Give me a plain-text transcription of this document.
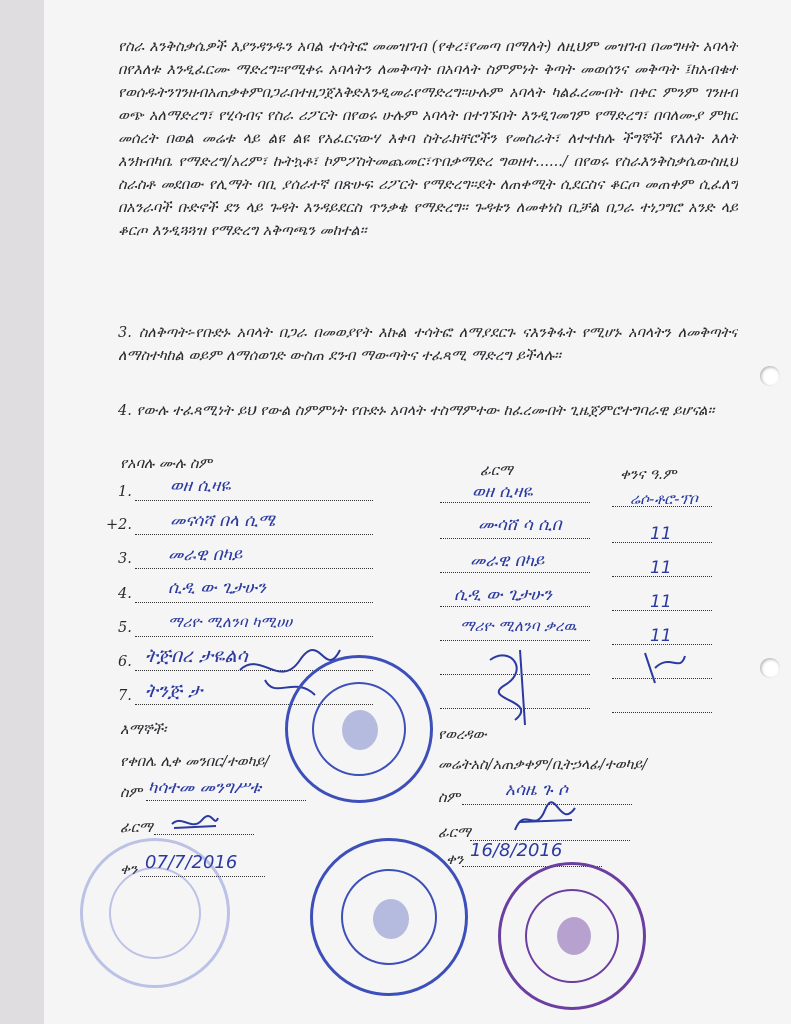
የስራ እንቅስቃሴዎች እያንዳንዱን አባል ተሳትፎ መመዝገብ (የቀረ፣የመጣ በማለት) ለዚህም መዝገብ በመግዛት አባላት በየእለቱ እንዲፈርሙ ማድረግ፡፡የሚቀሩ አባላትን ለመቅጣት በአባላት ስምምነት ቅጣት መወሰንና መቅጣት ፤ከአብቁተ የወሰዱትንገንዘብአጠቃቀምበጋራበተዘጋጀእቅድእንዲመራየማድረግ፡፡ሁሉም አባላት ካልፈረሙበት በቀር ምንም ገንዘብ ወጭ አለማድረግ፣ የሂሳብና የስራ ሪፖርት በየወሩ ሁሉም አባላት በተገኙበት እንዲገመገም የማድረግ፣ በባለሙያ ምክር መሰረት በወል መሬቱ ላይ ልዩ ልዩ የአፈርናውሃ እቀባ ስትራክቸሮችን የመስራት፣ ለተተከሉ ችግኞች የእለት እለት እንክብካቤ የማድረግ/አረም፣ ኩትኳቶ፣ ኮምፖስትመጨመር፣ጥበቃማድረ ግወዘተ....../ በየወሩ የስራእንቅስቃሴውስዚህ ስራስቶ መደበው የሊማት ባቢ ያሰራተኛ በጽሁፍ ሪፖርት የማድረግ፡፡ደት ለጠቀሚት ሲደርስና ቆርጦ መጠቀም ሲፈለግ በአንራባች ቡድኖች ደን ላይ ጉዳት እንዳይደርስ ጥንቃቄ የማድረግ፡፡ ጉዳቱን ለመቀነስ ቢቻል በጋራ ተነጋግሮ አንድ ላይ ቆርጦ እንዲጓጓዝ የማድረግ አቅጣጫን መከተል፡፡
3. ስለቅጣት፡-የቡድኑ አባላት በጋራ በመወያየት እኩል ተሳትፎ ለማያደርጉ ናእንቅፋት የሚሆኑ አባላትን ለመቅጣትና ለማስተካከል ወይም ለማሰወገድ ውስጠ ደንብ ማውጣትና ተፈጻሚ ማድረግ ይችላሉ፡፡
4. የውሉ ተፈጻሚነት ይህ የውል ስምምነት የቡድኑ አባላት ተስማምተው ከፈረሙበት ጊዜጀምሮተግባራዊ ይሆናል፡፡
የአባሉ ሙሉ ስም	ፊርማ	ቀንና ዓ.ም
1. ወዘ ሲዛዬ	ወዘ ሲዛዬ	ሬሶ-ቶሮ-ፕቦ
+2. መናሳሻ በላ ሲሜ	ሙሳሸ ሳ ሲበ	11
3. መራዊ በካይ	መራዊ በካይ	11
4. ሲዲ ው ጊታሁን	ሲዲ ው ጊታሁን	11
5. ማሪዮ ሚለንባ ካሚሀሀ	ማሪዮ ሚለንባ ቃረዉ	11
6. ትጅበረ ታዬልሳ
7. ትንጅ ታ
እማኞች፡
የቀበሌ ሊቀ መንበር/ተወካይ/
ስም ካሳተመ መንግሥቱ
ፊርማ
ቀን 07/7/2016
የወረዳው
መሬትአስ/አጠቃቀም/ቢትኃላፊ/ተወካይ/
ስም	አሳዜ ጉ ሶ
ፊርማ
ቀን 16/8/2016
